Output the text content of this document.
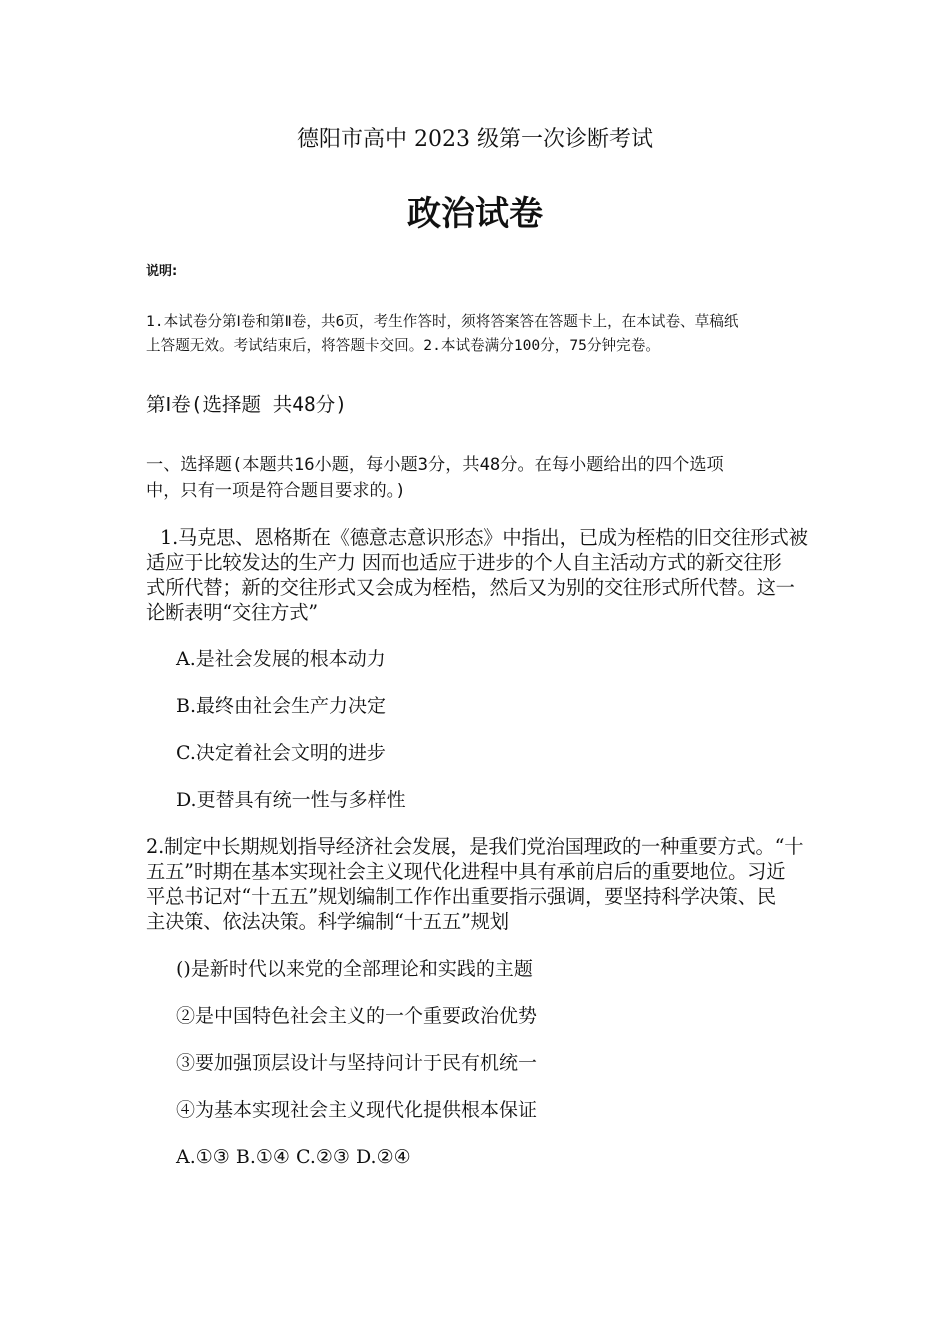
德阳市高中 2023 级第一次诊断考试
政治试卷
说明:
1.本试卷分第Ⅰ卷和第Ⅱ卷，共6页，考生作答时，须将答案答在答题卡上，在本试卷、草稿纸
上答题无效。考试结束后，将答题卡交回。2.本试卷满分100分，75分钟完卷。
第Ⅰ卷(选择题 共48分)
一、选择题(本题共16小题，每小题3分，共48分。在每小题给出的四个选项
中，只有一项是符合题目要求的。)
1.马克思、恩格斯在《德意志意识形态》中指出，已成为桎梏的旧交往形式被
适应于比较发达的生产力 因而也适应于进步的个人自主活动方式的新交往形
式所代替；新的交往形式又会成为桎梏，然后又为别的交往形式所代替。这一
论断表明“交往方式”
A.是社会发展的根本动力
B.最终由社会生产力决定
C.决定着社会文明的进步
D.更替具有统一性与多样性
2.制定中长期规划指导经济社会发展，是我们党治国理政的一种重要方式。“十
五五”时期在基本实现社会主义现代化进程中具有承前启后的重要地位。习近
平总书记对“十五五”规划编制工作作出重要指示强调，要坚持科学决策、民
主决策、依法决策。科学编制“十五五”规划
()是新时代以来党的全部理论和实践的主题
②是中国特色社会主义的一个重要政治优势
③要加强顶层设计与坚持问计于民有机统一
④为基本实现社会主义现代化提供根本保证
A.①③ B.①④ C.②③ D.②④
